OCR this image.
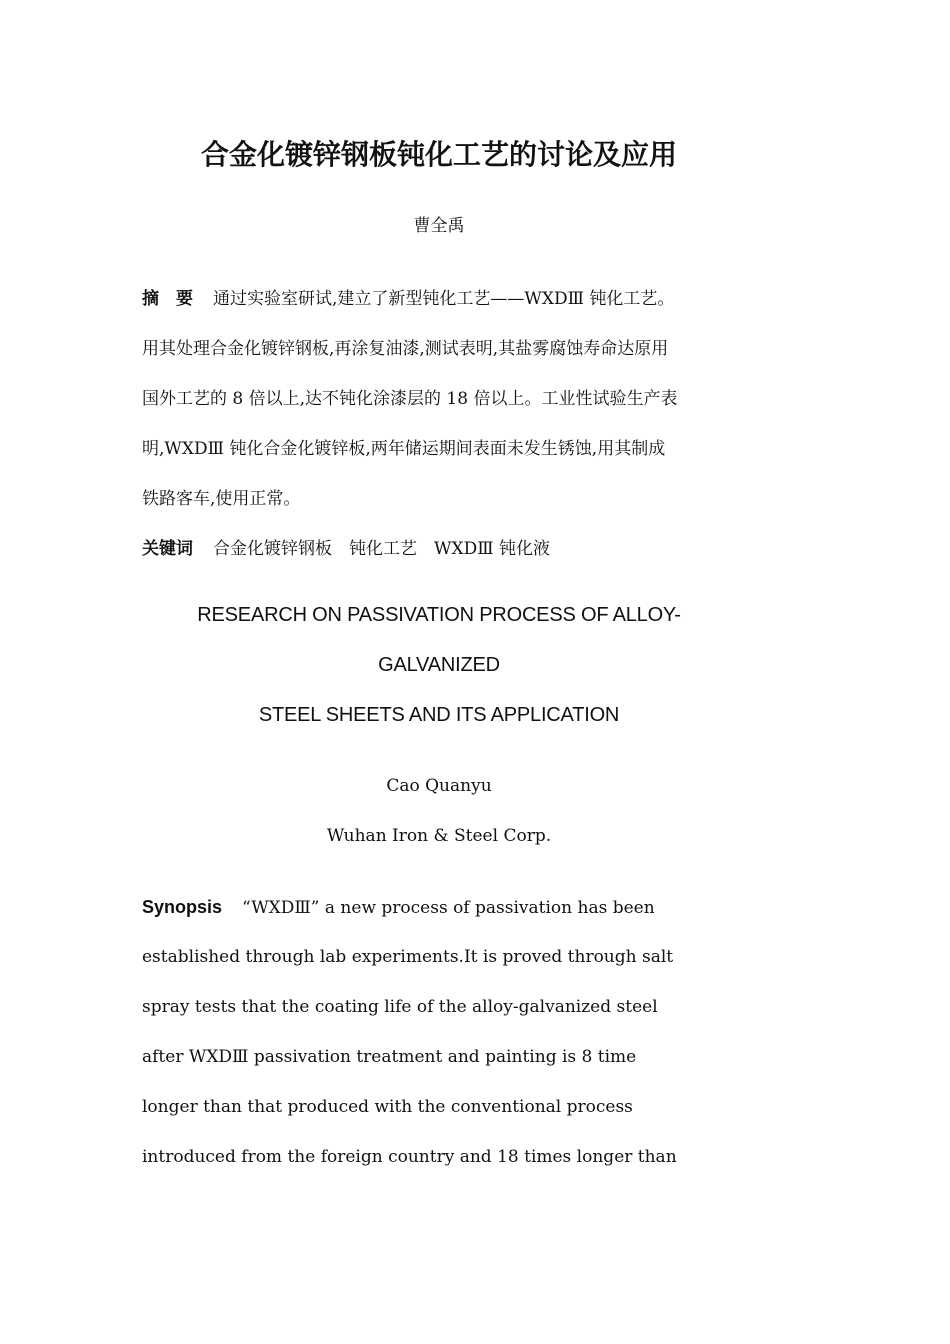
合金化镀锌钢板钝化工艺的讨论及应用
曹全禹
摘　要 通过实验室研试,建立了新型钝化工艺——WXDⅢ 钝化工艺。
用其处理合金化镀锌钢板,再涂复油漆,测试表明,其盐雾腐蚀寿命达原用
国外工艺的 8 倍以上,达不钝化涂漆层的 18 倍以上。工业性试验生产表
明,WXDⅢ 钝化合金化镀锌板,两年储运期间表面未发生锈蚀,用其制成
铁路客车,使用正常。
关键词 合金化镀锌钢板　钝化工艺　WXDⅢ 钝化液
RESEARCH ON PASSIVATION PROCESS OF ALLOY-
GALVANIZED
STEEL SHEETS AND ITS APPLICATION
Cao Quanyu
Wuhan Iron & Steel Corp.
Synopsis “WXDⅢ” a new process of passivation has been
established through lab experiments.It is proved through salt
spray tests that the coating life of the alloy-galvanized steel
after WXDⅢ passivation treatment and painting is 8 time
longer than that produced with the conventional process
introduced from the foreign country and 18 times longer than
